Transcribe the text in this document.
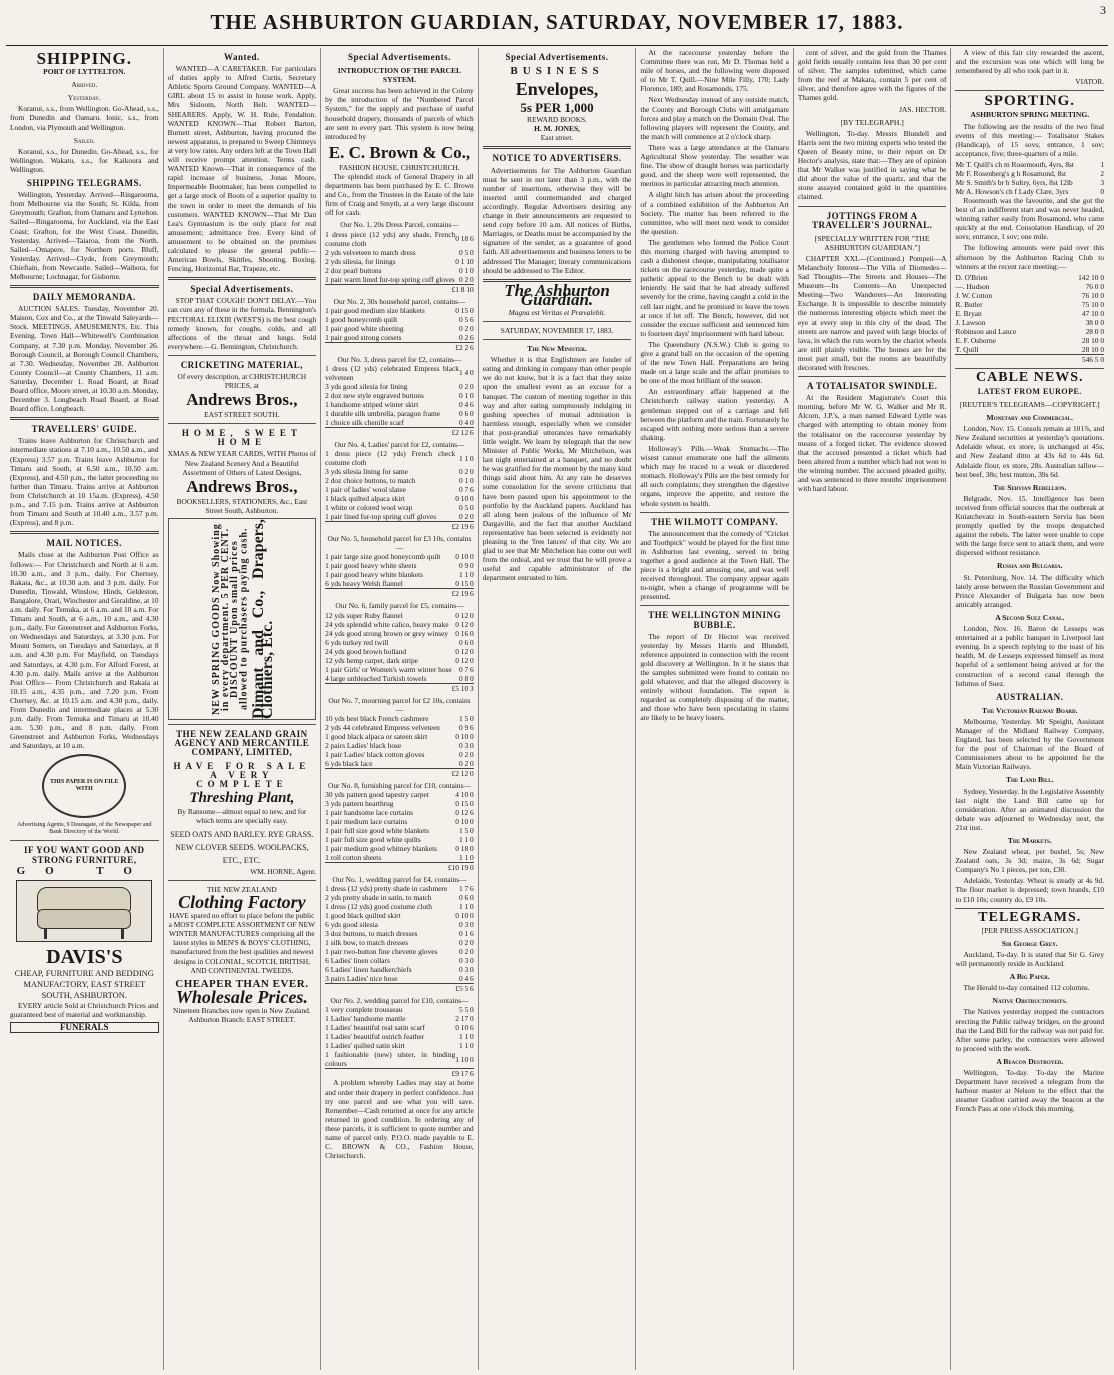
THE ASHBURTON GUARDIAN, SATURDAY, NOVEMBER 17, 1883.	3
SHIPPING.
PORT OF LYTTELTON.
Arrived.
Yesterday.

Koranui, s.s., from Wellington. Go-Ahead, s.s., from Dunedin and Oamaru. Ionic, s.s., from London, via Plymouth and Wellington.

Sailed.

Koranui, s.s., for Dunedin. Go-Ahead, s.s., for Wellington. Wakatu, s.s., for Kaikoura and Wellington.

SHIPPING TELEGRAMS.

Wellington, Yesterday. Arrived—Ringarooma, from Melbourne via the South; St. Kilda, from Greymouth; Grafton, from Oamaru and Lyttelton. Sailed—Ringarooma, for Auckland, via the East Coast; Grafton, for the West Coast. Dunedin, Yesterday. Arrived—Taiaroa, from the North. Sailed—Omapere, for Northern ports. Bluff, Yesterday. Arrived—Clyde, from Greymouth; Chieftain, from Newcastle. Sailed—Waihora, for Melbourne; Lochnagar, for Gisborne.

DAILY MEMORANDA.

AUCTION SALES. Tuesday, November 20. Maison, Cox and Co., at the Tinwald Saleyards—Stock. MEETINGS, AMUSEMENTS, Etc. This Evening. Town Hall—Whitewell's Combination Company, at 7.30 p.m. Monday, November 26. Borough Council, at Borough Council Chambers, at 7.30. Wednesday, November 28. Ashburton County Council—at County Chambers, 11 a.m. Saturday, December 1. Road Board, at Road Board office, Moore street, at 10.30 a.m. Monday, December 3. Longbeach Road Board, at Road Board office, Longbeach.

TRAVELLERS' GUIDE.

Trains leave Ashburton for Christchurch and intermediate stations at 7.10 a.m., 10.50 a.m., and (Express) 3.57 p.m. Trains leave Ashburton for Timaru and South, at 6.50 a.m., 10.50 a.m. (Express), and 4.50 p.m., the latter proceeding no further than Timaru. Trains arrive at Ashburton from Christchurch at 10 15a.m. (Express), 4.50 p.m., and 7.15 p.m. Trains arrive at Ashburton from Timaru and South at 10.40 a.m., 3.57 p.m. (Express), and 8 p.m.

MAIL NOTICES.

Mails close at the Ashburton Post Office as follows:— For Christchurch and North at 6 a.m. 10.30 a.m., and 3 p.m., daily. For Chertsey, Rakaia, &c., at 10.30 a.m. and 3 p.m. daily. For Dunedin, Tinwald, Winslow, Hinds, Geldeston, Bangalore, Orari, Winchester and Geraldine, at 10 a.m. daily. For Temuka, at 6 a.m. and 10 a.m. For Timaru and South, at 6 a.m., 10 a.m., and 4.30 p.m., daily. For Greenstreet and Ashburton Forks, on Wednesdays and Saturdays, at 3.30 p.m. For Mount Somers, on Tuesdays and Saturdays, at 8 a.m. and 4.30 p.m. For Mayfield, on Tuesdays and Saturdays, at 4.30 p.m. For Alford Forest, at 4.30 p.m. daily. Mails arrive at the Ashburton Post Office— From Christchurch and Rakaia at 10.15 a.m., 4.35 p.m., and 7.20 p.m. From Chertsey, &c. at 10.15 a.m. and 4.30 p.m., daily. From Dunedin and intermediate places at 5.30 p.m. daily. From Temuka and Timaru at 10.40 a.m. 5.30 p.m., and 8 p.m. daily. From Greenstreet and Ashburton Forks, Wednesdays and Saturdays, at 10 a.m.

THIS PAPER IS ON FILE WITH
Advertising Agents, 9 Deansgate, of the Newspaper and Bank Directory of the World.
IF YOU WANT GOOD AND STRONG FURNITURE,
GO TO
DAVIS'S
CHEAP, FURNITURE AND BEDDING MANUFACTORY, EAST STREET SOUTH, ASHBURTON.

EVERY article Sold at Christchurch Prices and guaranteed best of material and workmanship.

FUNERALS
Wanted.

WANTED—A CARETAKER. For particulars of duties apply to Alfred Curtis, Secretary Athletic Sports Ground Company. WANTED—A GIRL about 15 to assist in house work. Apply, Mrs Sisloom, North Belt. WANTED—SHEARERS. Apply, W. H. Rule, Fendalton. WANTED KNOWN—That Robert Barton, Burnett street, Ashburton, having procured the newest apparatus, is prepared to Sweep Chimneys at very low rates. Any orders left at the Town Hall will receive prompt attention. Terms cash. WANTED Known—That in consequence of the rapid increase of business, Jonas Moore, Impermeable Bootmaker, has been compelled to get a large stock of Boots of a superior quality to the town in order to meet the demands of his customers. WANTED KNOWN—That Mr Dan Lea's Gymnasium is the only place for real amusement; admittance free. Every kind of amusement to be obtained on the premises calculated to please the general public—American Bowls, Skittles, Shooting, Boxing, Fencing, Horizontal Bar, Trapeze, etc.

Special Advertisements.

STOP THAT COUGH! DON'T DELAY.—You can cure any of these in the formula. Bennington's PECTORAL ELIXIR (WEST'S) is the best cough remedy known, for coughs, colds, and all affections of the throat and lungs. Sold everywhere.—G. Bennington, Christchurch.

CRICKETING MATERIAL,
Of every description, at CHRISTCHURCH PRICES, at
Andrews Bros.,
EAST STREET SOUTH.
HOME, SWEET HOME
XMAS & NEW YEAR CARDS, WITH Photos of New Zealand Scenery And a Beautiful Assortment of Others of Latest Designs,
Andrews Bros.,
BOOKSELLERS, STATIONERS, &c., East Street South, Ashburton.
NEW SPRING GOODS Now Showing in every department. 5 PER CENT. DISCOUNT Upon small prices allowed to purchasers paying cash. Dimant and Co., Drapers, Clothiers, Etc.
THE NEW ZEALAND GRAIN AGENCY AND MERCANTILE COMPANY, LIMITED,
HAVE FOR SALE A VERY COMPLETE
Threshing Plant,
By Ransome—almost equal to new, and for which terms are specially easy.
SEED OATS AND BARLEY. RYE GRASS. NEW CLOVER SEEDS. WOOLPACKS, ETC., ETC.
WM. HORNE, Agent.
THE NEW ZEALAND
Clothing Factory
HAVE spared no effort to place before the public a MOST COMPLETE ASSORTMENT OF NEW WINTER MANUFACTURES comprising all the latest styles in MEN'S & BOYS' CLOTHING, manufactured from the best qualities and newest designs in COLONIAL, SCOTCH, BRITISH, AND CONTINENTAL TWEEDS.
CHEAPER THAN EVER.
Wholesale Prices.
Nineteen Branches now open in New Zealand. Ashburton Branch: EAST STREET.
Special Advertisements.
INTRODUCTION OF THE PARCEL SYSTEM.

Great success has been achieved in the Colony by the introduction of the "Numbered Parcel System," for the supply and purchase of useful household drapery, thousands of parcels of which are sent to every part. This system is now being introduced by

E. C. Brown & Co.,
FASHION HOUSE, CHRISTCHURCH.

The splendid stock of General Drapery in all departments has been purchased by E. C. Brown and Co., from the Trustees in the Estate of the late firm of Craig and Smyth, at a very large discount off for cash.

Our No. 1, 20s Dress Parcel, contains—
1 dress piece (12 yds) any shade, French costume cloth	0 18 6
2 yds velveteen to match dress	0 5 0
2 yds silesia, for linings	0 1 10
2 doz pearl buttons	0 1 0
1 pair warm lined fur-top spring cuff gloves	0 2 0
£1 8 10
Our No. 2, 30s household parcel, contains—
1 pair good medium size blankets	0 15 0
1 good honeycomb quilt	0 5 6
1 pair good white sheeting	0 2 0
1 pair good strong corsets	0 2 6
£2 2 6
Our No. 3, dress parcel for £2, contains—
1 dress (12 yds) celebrated Empress black velveteen	1 4 0
3 yds good silesia for lining	0 2 0
2 doz new style engraved buttons	0 1 0
1 handsome striped winter skirt	0 4 6
1 durable silk umbrella, paragon frame	0 6 0
1 choice silk chenille scarf	0 4 0
£2 12 6
Our No. 4, Ladies' parcel for £2, contains—
1 dress piece (12 yds) French check costume cloth	1 1 0
3 yds silesia lining for same	0 2 0
2 doz choice buttons, to match	0 1 0
1 pair of ladies' wool slatee	0 7 6
1 black quilted alpaca skirt	0 10 0
1 white or colored wool wrap	0 5 0
1 pair lined fur-top spring cuff gloves	0 2 0
£2 19 6
Our No. 5, household parcel for £3 10s, contains—
1 pair large size good honeycomb quilt	0 10 0
1 pair good heavy white sheets	0 9 0
1 pair good heavy white blankets	1 1 0
6 yds heavy Welsh flannel	0 15 0
£2 19 6
Our No. 6, family parcel for £5, contains—
12 yds super Ruby flannel	0 12 0
24 yds splendid white calico, heavy make	0 12 0
24 yds good strong brown or grey winsey	0 16 0
6 yds turkey red twill	0 6 0
24 yds good brown holland	0 12 0
12 yds hemp carpet, dark stripe	0 12 0
1 pair Girls' or Women's warm winter hose	0 7 6
4 large unbleached Turkish towels	0 8 0
£5 10 3
Our No. 7, mourning parcel for £2 10s, contains—
10 yds best black French cashmere	1 5 0
2 yds 44 celebrated Empress velveteen	0 9 6
1 good black alpaca or sateen skirt	0 10 0
2 pairs Ladies' black hose	0 3 0
1 pair Ladies' black cotton gloves	0 2 0
6 yds black lace	0 2 0
£2 12 0
Our No. 8, furnishing parcel for £10, contains—
30 yds pattern good tapestry carpet	4 10 0
3 yds pattern hearthrug	0 15 0
1 pair handsome lace curtains	0 12 6
1 pair medium lace curtains	0 10 0
1 pair full size good white blankets	1 5 0
1 pair full size good white quilts	1 1 0
1 pair medium good whitney blankets	0 18 0
1 roll cotton sheets	1 1 0
£10 19 0
Our No. 1, wedding parcel for £4, contains—
1 dress (12 yds) pretty shade in cashmere	1 7 6
2 yds pretty shade in satin, to match	0 6 0
1 dress (12 yds) good costume cloth	1 1 0
1 good black quilted skirt	0 10 0
6 yds good silesia	0 3 0
3 doz buttons, to match dresses	0 1 6
1 silk bow, to match dresses	0 2 0
1 pair two-button fine chevette gloves	0 2 0
6 Ladies' linen collars	0 3 0
6 Ladies' linen handkerchiefs	0 3 0
3 pairs Ladies' nice hose	0 4 6
£5 5 6
Our No. 2, wedding parcel for £10, contains—
1 very complete trousseau	5 5 0
1 Ladies' handsome mantle	2 17 0
1 Ladies' beautiful real satin scarf	0 10 6
1 Ladies' beautiful ostrich feather	1 1 0
1 Ladies' quilted satin skirt	1 1 0
1 fashionable (new) ulster, in binding colours	1 10 0
£9 17 6

A problem whereby Ladies may stay at home and order their drapery in perfect confidence. Just try one parcel and see what you will save. Remember—Cash returned at once for any article returned in good condition. In ordering any of these parcels, it is sufficient to quote number and name of parcel only. P.O.O. made payable to E. C. BROWN & CO., Fashion House, Christchurch.

Special Advertisements.
BUSINESS
Envelopes,
5s PER 1,000
REWARD BOOKS.
H. M. JONES,
East street.
NOTICE TO ADVERTISERS.

Advertisements for The Ashburton Guardian must be sent in not later than 3 p.m., with the number of insertions, otherwise they will be inserted until countermanded and charged accordingly. Regular Advertisers desiring any change in their announcements are requested to send copy before 10 a.m. All notices of Births, Marriages, or Deaths must be accompanied by the signature of the sender, as a guarantee of good faith. All advertisements and business letters to be addressed The Manager; literary communications should be addressed to The Editor.

The Ashburton Guardian.
Magna est Veritas et Prævalebit.
SATURDAY, NOVEMBER 17, 1883.
The New Minister.

Whether it is that Englishmen are fonder of eating and drinking in company than other people we do not know, but it is a fact that they seize upon the smallest event as an excuse for a banquet. The custom of meeting together in this way and after eating sumptuously indulging in gushing speeches of mutual admiration is harmless enough, especially when we consider that post-prandial utterances have remarkably little weight. We learn by telegraph that the new Minister of Public Works, Mr Mitchelson, was last night entertained at a banquet, and no doubt he was gratified for the moment by the many kind things said about him. At any rate he deserves some consolation for the severe criticisms that have been passed upon his appointment to the portfolio by the Auckland papers. Auckland has all along been jealous of the influence of Mr Dargaville, and the fact that another Auckland representative has been selected is evidently not pleasing to the 'free lances' of that city. We are glad to see that Mr Mitchelson has come out well from the ordeal, and we trust that he will prove a useful and capable administrator of the department entrusted to him.

At the racecourse yesterday before the Committee there was run, Mr D. Thomas held a mile of horses, and the following were disposed of to Mr T. Quill.—Nine Mile Filly, 170; Lady Florence, 180; and Rosamonds, 175.

Next Wednesday instead of any outside match, the County and Borough Clubs will amalgamate forces and play a match on the Domain Oval. The following players will represent the County, and the match will commence at 2 o'clock sharp.

There was a large attendance at the Oamaru Agricultural Show yesterday. The weather was fine. The show of draught horses was particularly good, and the sheep were well represented, the merinos in particular attracting much attention.

A slight hitch has arisen about the proceeding of a combined exhibition of the Ashburton Art Society. The matter has been referred to the committee, who will meet next week to consider the question.

The gentlemen who formed the Police Court this morning charged with having attempted to cash a dishonest cheque, manipulating totalisator tickets on the racecourse yesterday, made quite a pathetic appeal to the Bench to be dealt with leniently. He said that he had already suffered severely for the crime, having caught a cold in the cell last night, and he promised to leave the town at once if let off. The Bench, however, did not consider the excuse sufficient and sentenced him to fourteen days' imprisonment with hard labour.

The Queensbury (N.S.W.) Club is going to give a grand ball on the occasion of the opening of the new Town Hall. Preparations are being made on a large scale and the affair promises to be one of the most brilliant of the season.

An extraordinary affair happened at the Christchurch railway station yesterday. A gentleman stepped out of a carriage and fell between the platform and the train. Fortunately he escaped with nothing more serious than a severe shaking.

Holloway's Pills.—Weak Stomachs.—The wisest cannot enumerate one half the ailments which may be traced to a weak or disordered stomach. Holloway's Pills are the best remedy for all such complaints; they strengthen the digestive organs, improve the appetite, and restore the whole system to health.

THE WILMOTT COMPANY.

The announcement that the comedy of "Cricket and Toothpick" would be played for the first time in Ashburton last evening, served to bring together a good audience at the Town Hall. The piece is a bright and amusing one, and was well received throughout. The company appear again to-night, when a change of programme will be presented.

THE WELLINGTON MINING BUBBLE.

The report of Dr Hector was received yesterday by Messrs Harris and Blundell, reference appointed in connection with the recent gold discovery at Wellington. In it he states that the samples submitted were found to contain no gold whatever, and that the alleged discovery is entirely without foundation. The report is regarded as completely disposing of the matter, and those who have been speculating in claims are likely to be heavy losers.

cent of silver, and the gold from the Thames gold fields usually contains less than 30 per cent of silver. The samples submitted, which came from the reef at Makara, contain 5 per cent of silver, and therefore agree with the figures of the Thames gold.

JAS. HECTOR.
[BY TELEGRAPH.]

Wellington, To-day. Messrs Blundell and Harris sent the two mining experts who tested the Queen of Beauty mine, to their report on Dr Hector's analysis, state that:—They are of opinion that Mr Walker was justified in saying what he did about the value of the quartz, and that the stone assayed contained gold in the quantities claimed.

JOTTINGS FROM A TRAVELLER'S JOURNAL.
[SPECIALLY WRITTEN FOR "THE ASHBURTON GUARDIAN."]

CHAPTER XXI.—(Continued.) Pompeii—A Melancholy Interest—The Villa of Diomedes—Sad Thoughts—The Streets and Houses—The Museum—Its Contents—An Unexpected Meeting—Two Wanderers—An Interesting Exchange. It is impossible to describe minutely the numerous interesting objects which meet the eye at every step in this city of the dead. The streets are narrow and paved with large blocks of lava, in which the ruts worn by the chariot wheels are still plainly visible. The houses are for the most part small, but the rooms are beautifully decorated with frescoes.

A TOTALISATOR SWINDLE.

At the Resident Magistrate's Court this morning, before Mr W. G. Walker and Mr R. Alcorn, J.P.'s, a man named Edward Lyttle was charged with attempting to obtain money from the totalisator on the racecourse yesterday by means of a forged ticket. The evidence showed that the accused presented a ticket which had been altered from a number which had not won to the winning number. The accused pleaded guilty, and was sentenced to three months' imprisonment with hard labour.

A view of this fair city rewarded the ascent, and the excursion was one which will long be remembered by all who took part in it.

VIATOR.
SPORTING.
ASHBURTON SPRING MEETING.

The following are the results of the two final events of this meeting:— Totalisator Stakes (Handicap), of 15 sovs; entrance, 1 sov; acceptance, five; three-quarters of a mile.

Mr T. Quill's ch m Rosemouth, 4yrs, 8st	1
Mr F. Rosenberg's g h Rosamond, 8st	2
Mr S. Smith's br h Sultry, 6yrs, 8st 12lb	3
Mr A. Howson's ch f Lady Clare, 3yrs	0

Rosemouth was the favourite, and she got the best of an indifferent start and was never headed, winning rather easily from Rosamond, who came quickly at the end. Consolation Handicap, of 20 sovs; entrance, 1 sov; one mile.

The following amounts were paid over this afternoon by the Ashburton Racing Club to winners at the recent race meeting:—

D. O'Brien	142 10 0
—. Hudson	76 0 0
J. W. Cotton	76 10 0
R. Butler	75 10 0
E. Bryan	47 10 0
J. Lawson	38 0 0
Robinson and Lance	28 0 0
E. F. Osborne	28 10 0
T. Quill	28 10 0
546 5 0
CABLE NEWS.
LATEST FROM EUROPE.
[REUTER'S TELEGRAMS—COPYRIGHT.]
Monetary and Commercial.

London, Nov. 15. Consols remain at 101⅞, and New Zealand securities at yesterday's quotations. Adelaide wheat, ex store, is unchanged at 45s, and New Zealand ditto at 43s 6d to 44s 6d. Adelaide flour, ex store, 28s. Australian tallow—best beef, 38s; best mutton, 39s 6d.

The Servian Rebellion.

Belgrade, Nov. 15. Intelligence has been received from official sources that the outbreak at Kniatchevatz in South-eastern Servia has been promptly quelled by the troops despatched against the rebels. The latter were unable to cope with the large force sent to attack them, and were dispersed without resistance.

Russia and Bulgaria.

St. Petersburg, Nov. 14. The difficulty which lately arose between the Russian Government and Prince Alexander of Bulgaria has now been amicably arranged.

A Second Suez Canal.

London, Nov. 16. Baron de Lesseps was entertained at a public banquet in Liverpool last evening. In a speech replying to the toast of his health, M. de Lesseps expressed himself as most hopeful of a settlement being arrived at for the construction of a second canal through the Isthmus of Suez.

AUSTRALIAN.
The Victorian Railway Board.

Melbourne, Yesterday. Mr Speight, Assistant Manager of the Midland Railway Company, England, has been selected by the Government for the post of Chairman of the Board of Commissioners about to be appointed for the Main Victorian Railways.

The Land Bill.

Sydney, Yesterday. In the Legislative Assembly last night the Land Bill came up for consideration. After an animated discussion the debate was adjourned to Wednesday next, the 21st inst.

The Markets.

New Zealand wheat, per bushel, 5s; New Zealand oats, 3s 3d; maize, 3s 6d; Sugar Company's No 1 pieces, per ton, £30.

Adelaide, Yesterday. Wheat is steady at 4s 9d. The flour market is depressed; town brands, £10 to £10 10s; country do, £9 10s.

TELEGRAMS.
[PER PRESS ASSOCIATION.]
Sir George Grey.

Auckland, To-day. It is stated that Sir G. Grey will permanently reside in Auckland.

A Big Paper.

The Herald to-day contained 112 columns.

Native Obstructionists.

The Natives yesterday stopped the contractors erecting the Public railway bridges, on the ground that the Land Bill for the railway was not paid for. After some parley, the contractors were allowed to proceed with the work.

A Beacon Destroyed.

Wellington, To-day. To-day the Marine Department have received a telegram from the harbour master at Nelson to the effect that the steamer Grafton carried away the beacon at the French Pass at one o'clock this morning.
